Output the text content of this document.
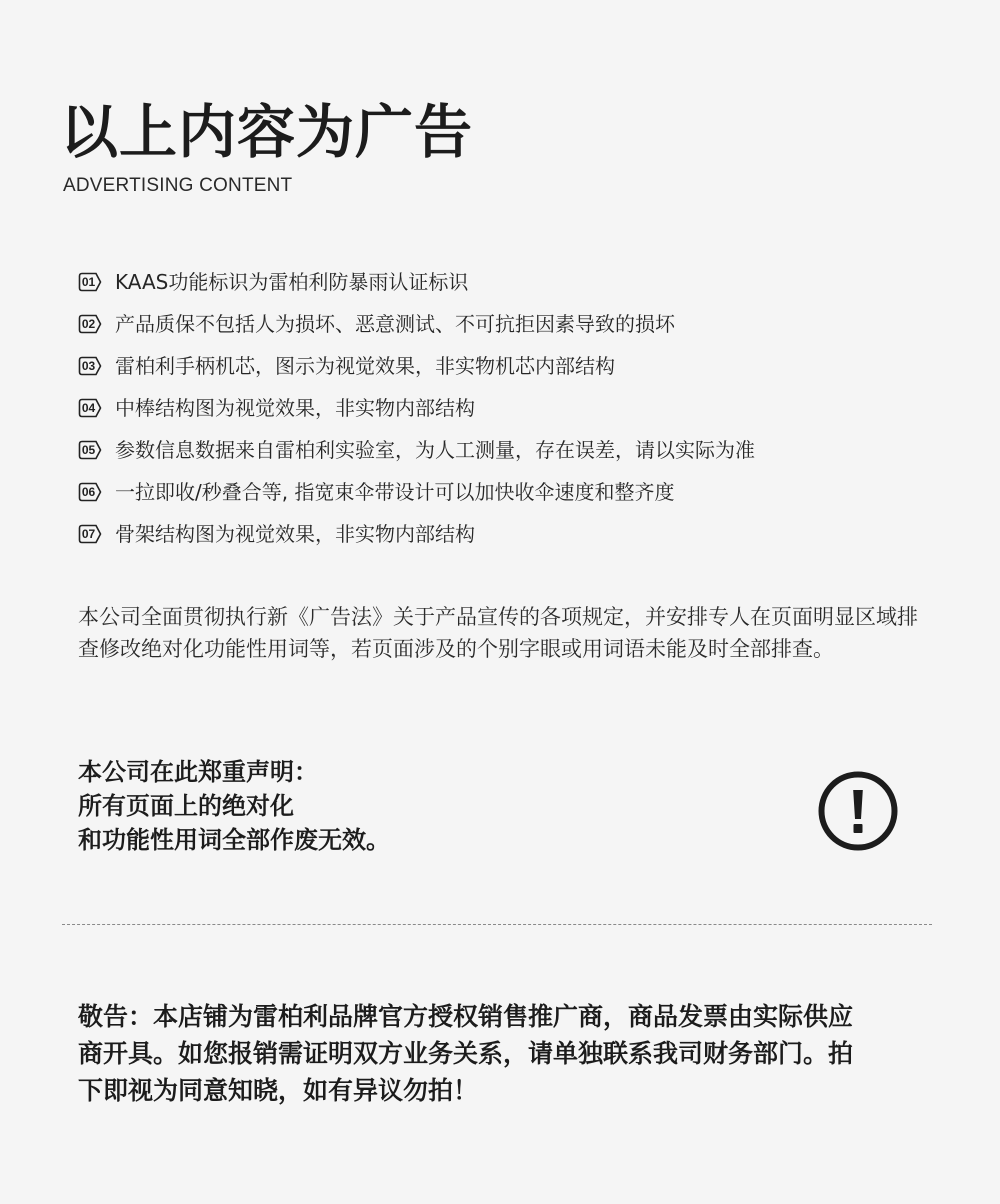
以上内容为广告
ADVERTISING CONTENT
01 KAAS功能标识为雷柏利防暴雨认证标识
02 产品质保不包括人为损坏、恶意测试、不可抗拒因素导致的损坏
03 雷柏利手柄机芯，图示为视觉效果，非实物机芯内部结构
04 中棒结构图为视觉效果，非实物内部结构
05 参数信息数据来自雷柏利实验室，为人工测量，存在误差，请以实际为准
06 一拉即收/秒叠合等, 指宽束伞带设计可以加快收伞速度和整齐度
07 骨架结构图为视觉效果，非实物内部结构

本公司全面贯彻执行新《广告法》关于产品宣传的各项规定，并安排专人在页面明显区域排查修改绝对化功能性用词等，若页面涉及的个别字眼或用词语未能及时全部排查。

本公司在此郑重声明：
所有页面上的绝对化
和功能性用词全部作废无效。
敬告：本店铺为雷柏利品牌官方授权销售推广商，商品发票由实际供应
商开具。如您报销需证明双方业务关系，请单独联系我司财务部门。拍
下即视为同意知晓，如有异议勿拍！
